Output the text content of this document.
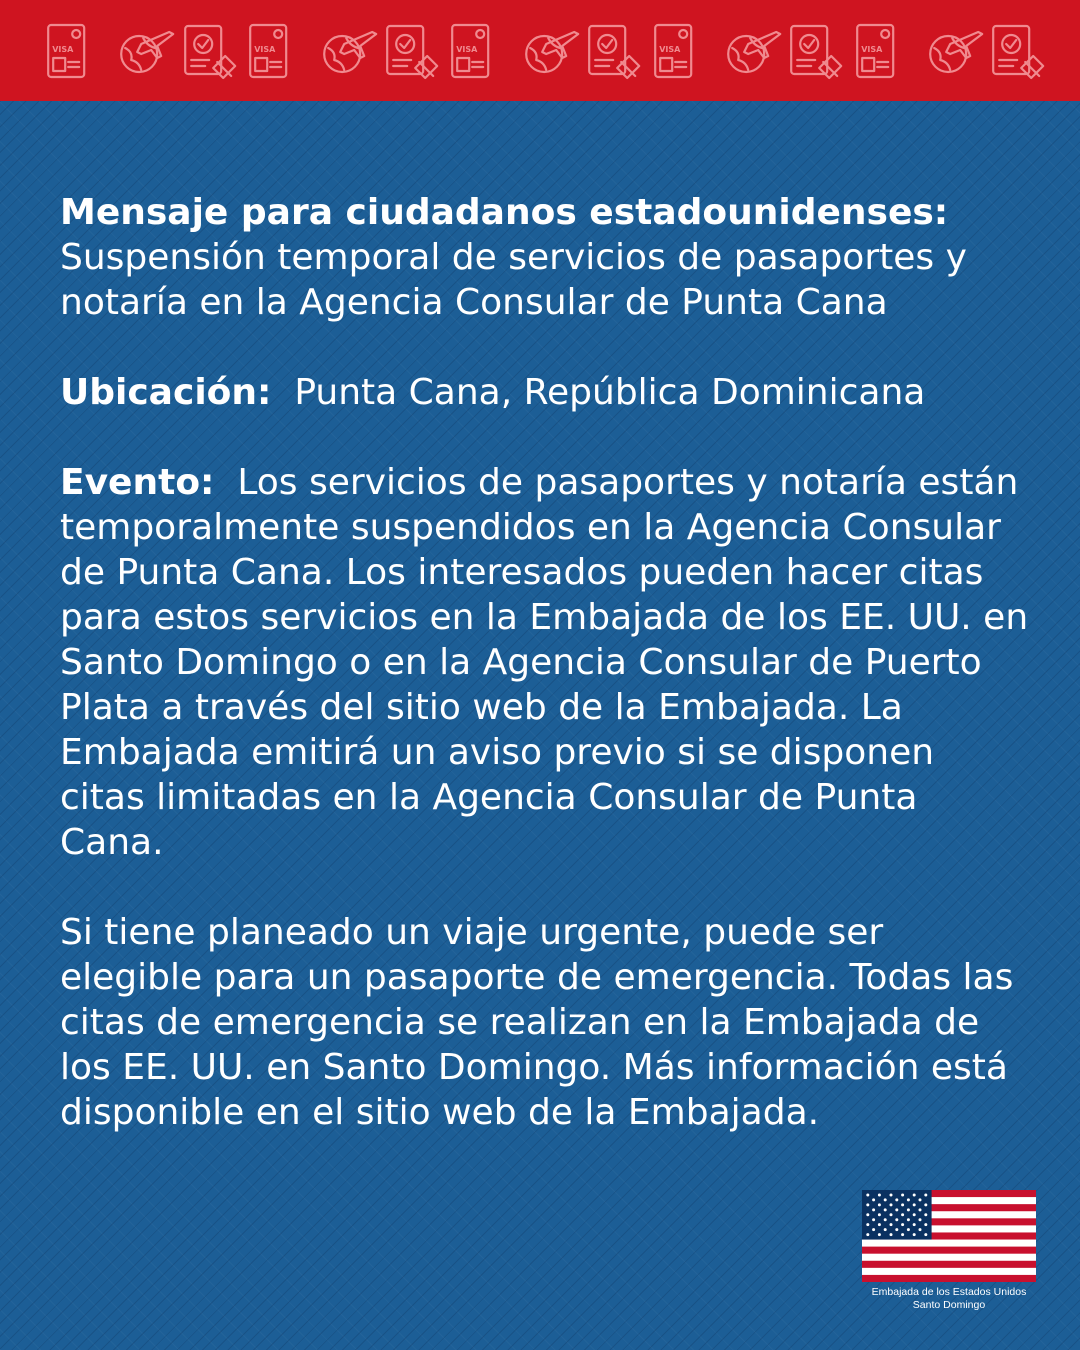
VISA	VISA	VISA	VISA	VISA

Mensaje para ciudadanos estadounidenses:

Suspensión temporal de servicios de pasaportes y notaría en la Agencia Consular de Punta Cana

Ubicación: Punta Cana, República Dominicana

Evento: Los servicios de pasaportes y notaría están temporalmente suspendidos en la Agencia Consular de Punta Cana. Los interesados pueden hacer citas para estos servicios en la Embajada de los EE. UU. en Santo Domingo o en la Agencia Consular de Puerto Plata a través del sitio web de la Embajada. La Embajada emitirá un aviso previo si se disponen citas limitadas en la Agencia Consular de Punta Cana.

Si tiene planeado un viaje urgente, puede ser elegible para un pasaporte de emergencia. Todas las citas de emergencia se realizan en la Embajada de los EE. UU. en Santo Domingo. Más información está disponible en el sitio web de la Embajada.

Embajada de los Estados Unidos
Santo Domingo
